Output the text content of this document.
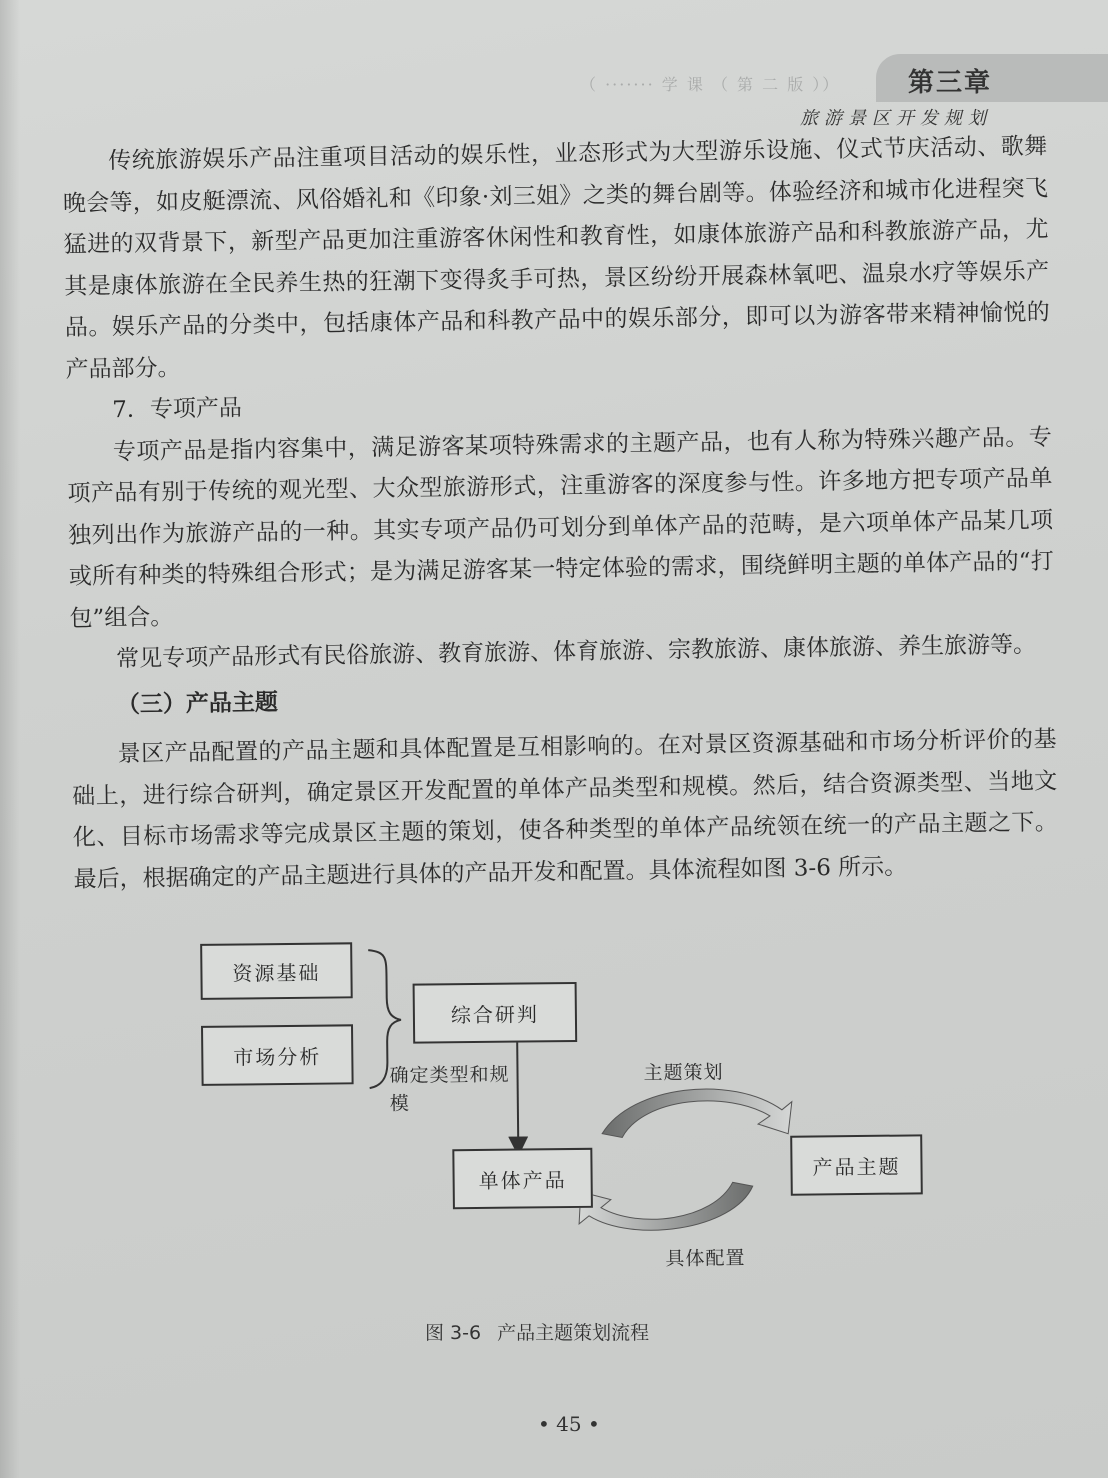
（ ······· 学 课 （ 第 二 版 ））	第三章
旅游景区开发规划

传统旅游娱乐产品注重项目活动的娱乐性，业态形式为大型游乐设施、仪式节庆活动、歌舞晚会等，如皮艇漂流、风俗婚礼和《印象·刘三姐》之类的舞台剧等。体验经济和城市化进程突飞猛进的双背景下，新型产品更加注重游客休闲性和教育性，如康体旅游产品和科教旅游产品，尤其是康体旅游在全民养生热的狂潮下变得炙手可热，景区纷纷开展森林氧吧、温泉水疗等娱乐产品。娱乐产品的分类中，包括康体产品和科教产品中的娱乐部分，即可以为游客带来精神愉悦的产品部分。

7．专项产品

专项产品是指内容集中，满足游客某项特殊需求的主题产品，也有人称为特殊兴趣产品。专项产品有别于传统的观光型、大众型旅游形式，注重游客的深度参与性。许多地方把专项产品单独列出作为旅游产品的一种。其实专项产品仍可划分到单体产品的范畴，是六项单体产品某几项或所有种类的特殊组合形式；是为满足游客某一特定体验的需求，围绕鲜明主题的单体产品的“打包”组合。

常见专项产品形式有民俗旅游、教育旅游、体育旅游、宗教旅游、康体旅游、养生旅游等。

（三）产品主题

景区产品配置的产品主题和具体配置是互相影响的。在对景区资源基础和市场分析评价的基础上，进行综合研判，确定景区开发配置的单体产品类型和规模。然后，结合资源类型、当地文化、目标市场需求等完成景区主题的策划，使各种类型的单体产品统领在统一的产品主题之下。最后，根据确定的产品主题进行具体的产品开发和配置。具体流程如图 3-6 所示。

资源基础
市场分析
综合研判
确定类型和规模
单体产品
产品主题
主题策划
具体配置
图 3-6 产品主题策划流程
• 45 •
